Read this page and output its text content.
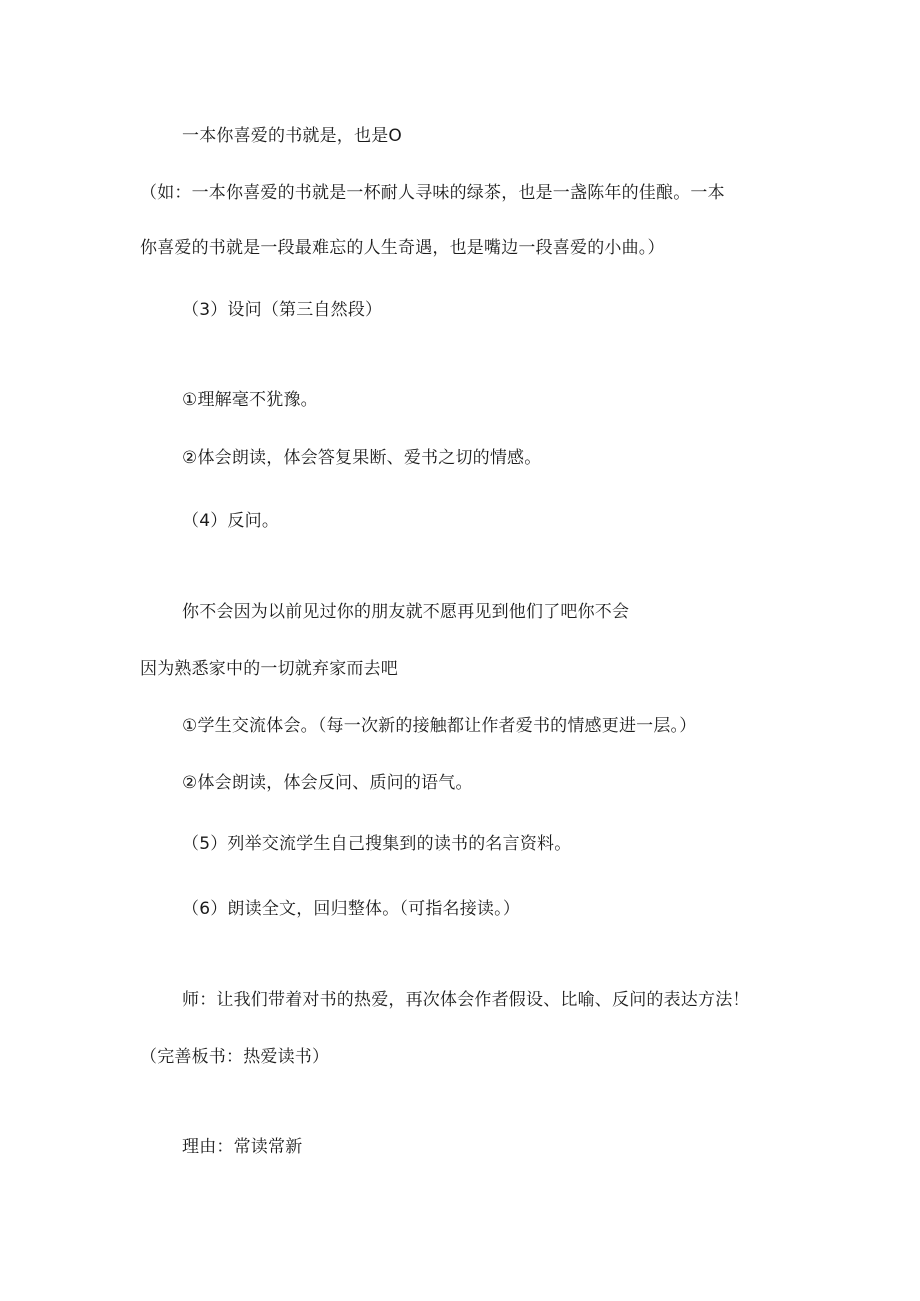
一本你喜爱的书就是，也是O
（如：一本你喜爱的书就是一杯耐人寻味的绿茶，也是一盏陈年的佳酿。一本
你喜爱的书就是一段最难忘的人生奇遇，也是嘴边一段喜爱的小曲。）
（3）设问（第三自然段）
①理解毫不犹豫。
②体会朗读，体会答复果断、爱书之切的情感。
（4）反问。
你不会因为以前见过你的朋友就不愿再见到他们了吧你不会
因为熟悉家中的一切就弃家而去吧
①学生交流体会。（每一次新的接触都让作者爱书的情感更进一层。）
②体会朗读，体会反问、质问的语气。
（5）列举交流学生自己搜集到的读书的名言资料。
（6）朗读全文，回归整体。（可指名接读。）
师：让我们带着对书的热爱，再次体会作者假设、比喻、反问的表达方法！
（完善板书：热爱读书）
理由：常读常新
